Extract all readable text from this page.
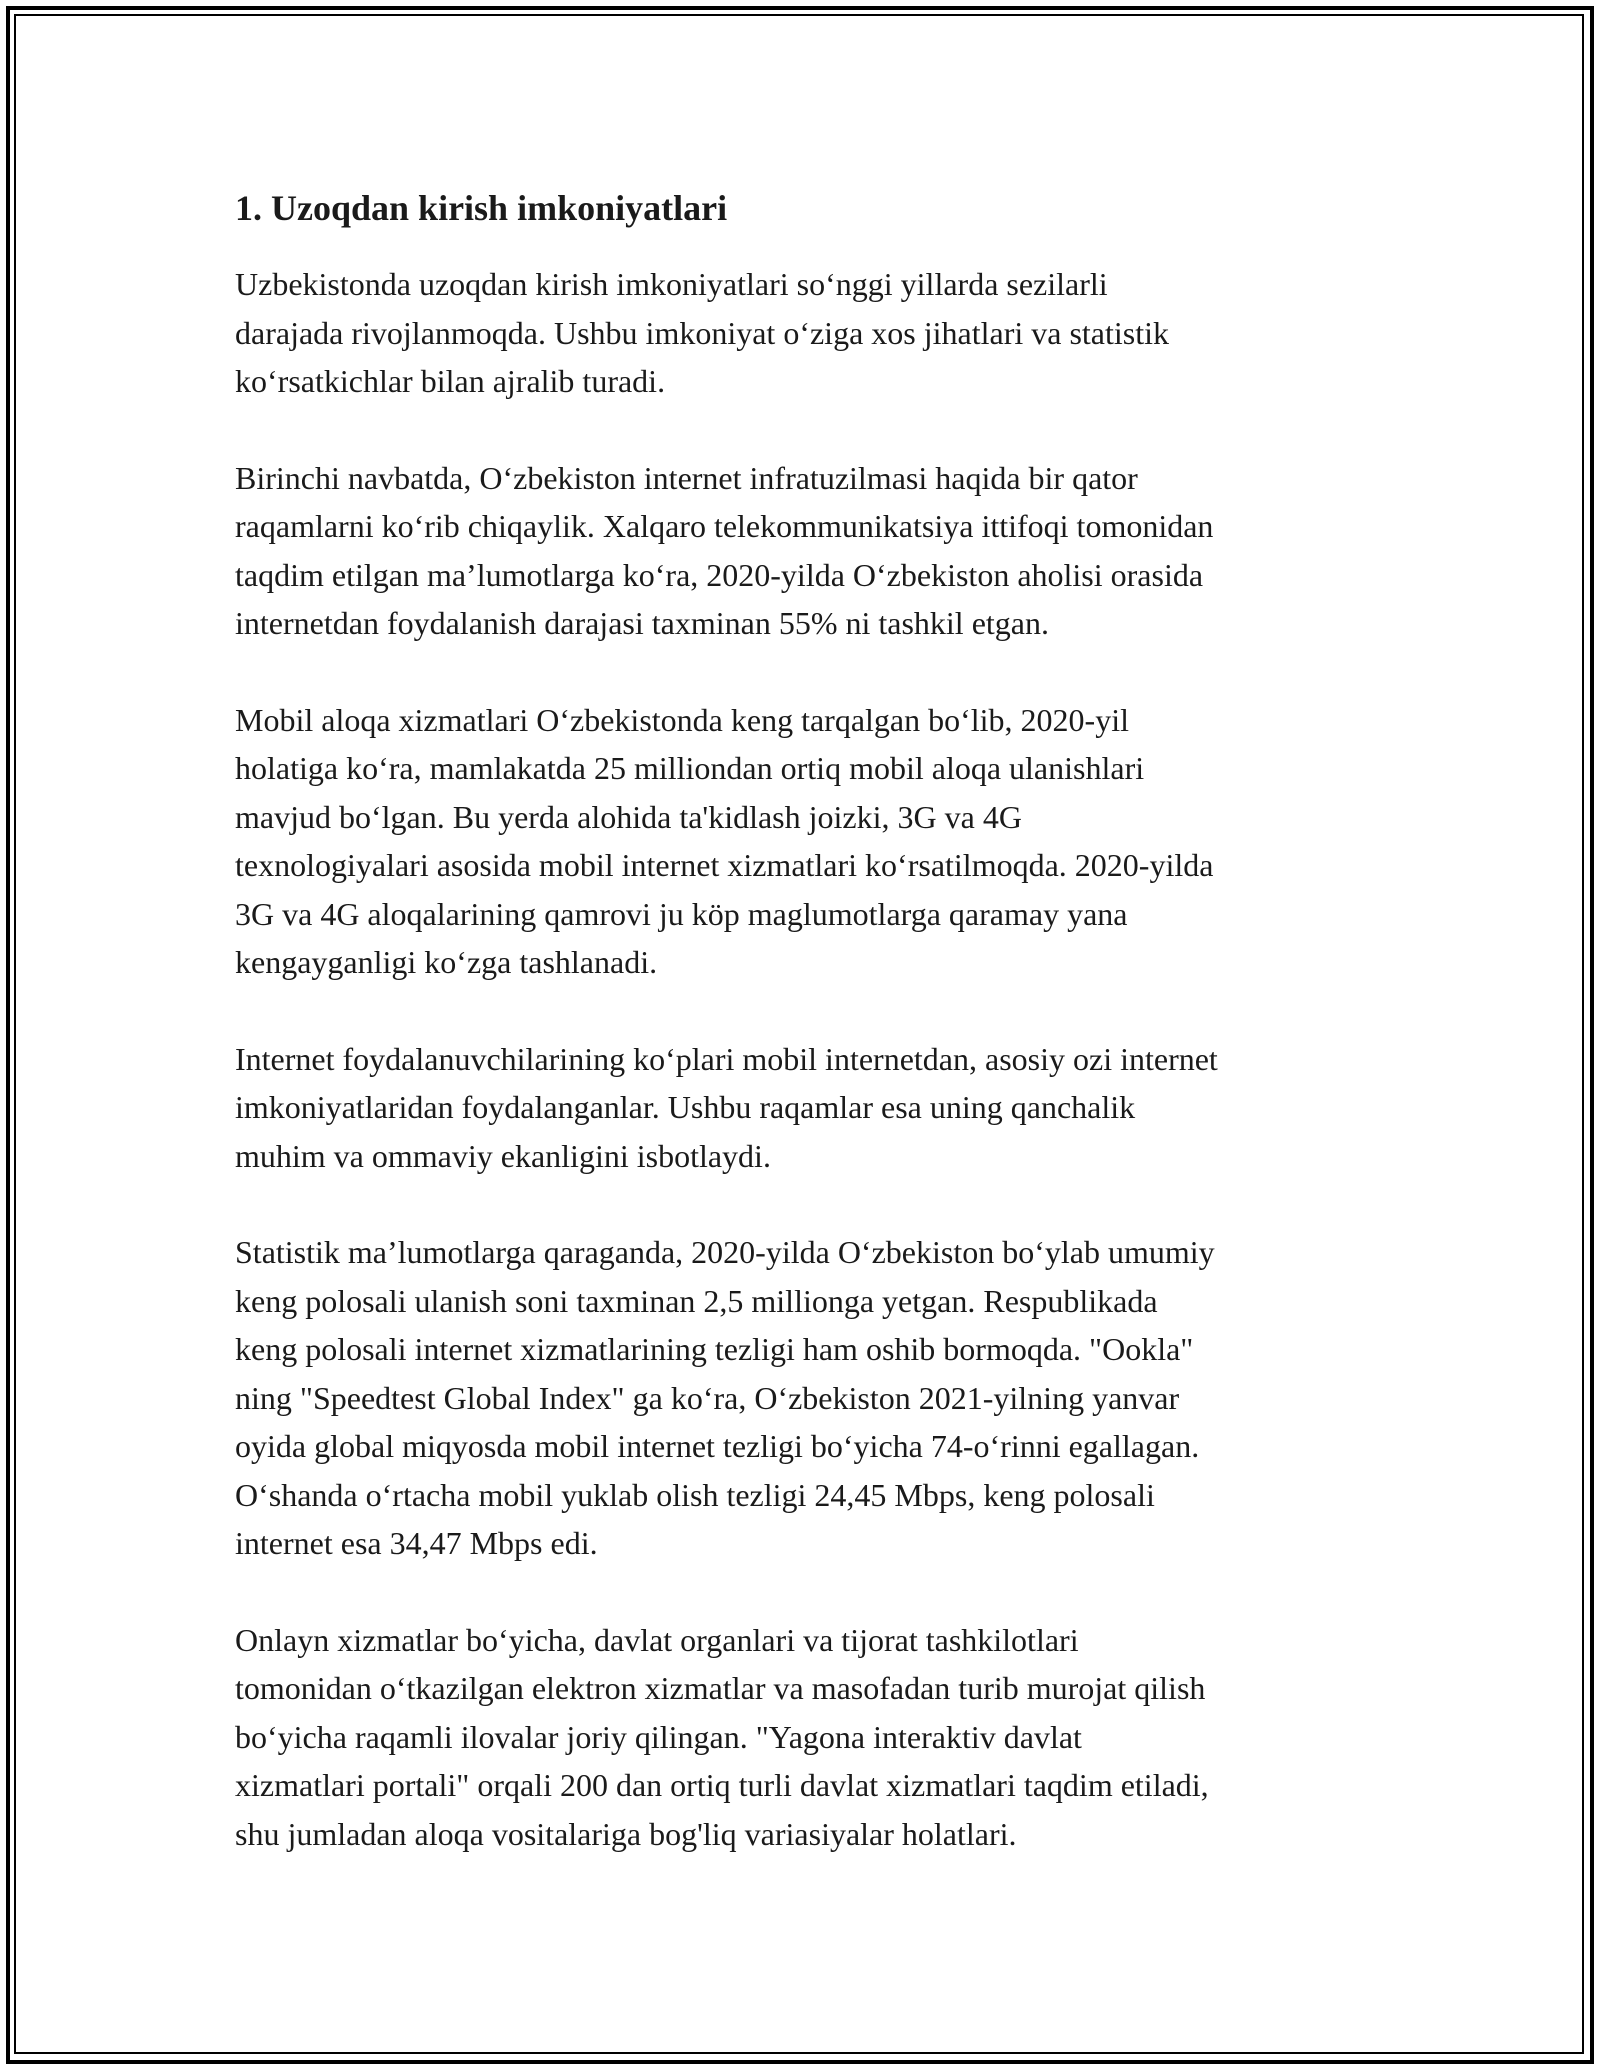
1. Uzoqdan kirish imkoniyatlari

Uzbekistonda uzoqdan kirish imkoniyatlari so‘nggi yillarda sezilarli
darajada rivojlanmoqda. Ushbu imkoniyat o‘ziga xos jihatlari va statistik
ko‘rsatkichlar bilan ajralib turadi.

Birinchi navbatda, O‘zbekiston internet infratuzilmasi haqida bir qator
raqamlarni ko‘rib chiqaylik. Xalqaro telekommunikatsiya ittifoqi tomonidan
taqdim etilgan ma’lumotlarga ko‘ra, 2020-yilda O‘zbekiston aholisi orasida
internetdan foydalanish darajasi taxminan 55% ni tashkil etgan.

Mobil aloqa xizmatlari O‘zbekistonda keng tarqalgan bo‘lib, 2020-yil
holatiga ko‘ra, mamlakatda 25 milliondan ortiq mobil aloqa ulanishlari
mavjud bo‘lgan. Bu yerda alohida ta'kidlash joizki, 3G va 4G
texnologiyalari asosida mobil internet xizmatlari ko‘rsatilmoqda. 2020-yilda
3G va 4G aloqalarining qamrovi ju köp maglumotlarga qaramay yana
kengayganligi ko‘zga tashlanadi.

Internet foydalanuvchilarining ko‘plari mobil internetdan, asosiy ozi internet
imkoniyatlaridan foydalanganlar. Ushbu raqamlar esa uning qanchalik
muhim va ommaviy ekanligini isbotlaydi.

Statistik ma’lumotlarga qaraganda, 2020-yilda O‘zbekiston bo‘ylab umumiy
keng polosali ulanish soni taxminan 2,5 millionga yetgan. Respublikada
keng polosali internet xizmatlarining tezligi ham oshib bormoqda. "Ookla"
ning "Speedtest Global Index" ga ko‘ra, O‘zbekiston 2021-yilning yanvar
oyida global miqyosda mobil internet tezligi bo‘yicha 74-o‘rinni egallagan.
O‘shanda o‘rtacha mobil yuklab olish tezligi 24,45 Mbps, keng polosali
internet esa 34,47 Mbps edi.

Onlayn xizmatlar bo‘yicha, davlat organlari va tijorat tashkilotlari
tomonidan o‘tkazilgan elektron xizmatlar va masofadan turib murojat qilish
bo‘yicha raqamli ilovalar joriy qilingan. "Yagona interaktiv davlat
xizmatlari portali" orqali 200 dan ortiq turli davlat xizmatlari taqdim etiladi,
shu jumladan aloqa vositalariga bog'liq variasiyalar holatlari.
